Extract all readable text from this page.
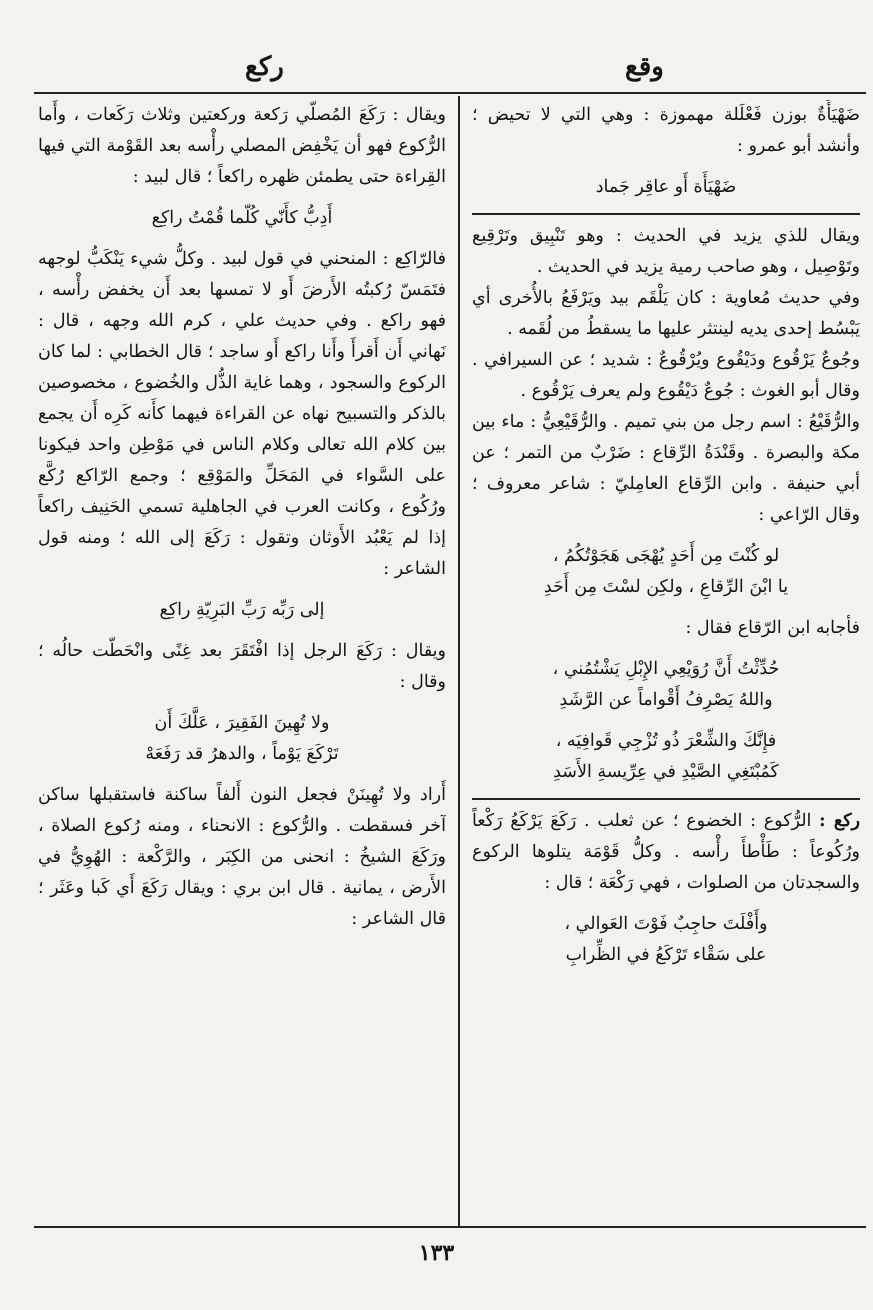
وقع
ركع

ضَهْيَأَةٌ بوزن فَعْلَلة مهموزة : وهي التي لا تحيض ؛ وأنشد أبو عمرو :

ضَهْيَأَة أَو عاقِر جَماد

ويقال للذي يزيد في الحديث : وهو تَنْبِيق وتَرْقِيع وتَوْصِيل ، وهو صاحب رمية يزيد في الحديث .

وفي حديث مُعاوية : كان يَلْقَم بيد ويَرْفَعُ بالأُخرى أي يَبْسُط إحدى يديه لينتثر عليها ما يسقطُ من لُقَمه .

وجُوعٌ يَرْقُوع ودَيْقُوع ويُرْقُوعٌ : شديد ؛ عن السيرافي . وقال أبو الغوث : جُوعٌ دَيْقُوع ولم يعرف يَرْقُوع .

والرُّقَيْعُ : اسم رجل من بني تميم . والرُّقَيْعِيُّ : ماء بين مكة والبصرة . وقَنْدَةُ الرِّقاع : ضَرْبٌ من التمر ؛ عن أبي حنيفة . وابن الرِّقاع العامِليّ : شاعر معروف ؛ وقال الرّاعي :

لو كُنْتَ مِن أَحَدٍ يُهْجَى هَجَوْتُكُمُ ،
يا ابْنَ الرِّقاعِ ، ولكِن لسْتَ مِن أَحَدِ

فأجابه ابن الرّقاع فقال :

حُدِّثْتُ أَنَّ رُوَيْعِي الإِبْلِ يَشْتُمُني ،
واللهُ يَصْرِفُ أَقْواماً عن الرَّشَدِ
فإِنَّكَ والشِّعْرَ ذُو تُزْجِي قَوافِيَه ،
كَمُبْتَغِي الصَّيْدِ في عِرِّيسةِ الأَسَدِ

ركع : الرُّكوع : الخضوع ؛ عن ثعلب . رَكَعَ يَرْكَعُ رَكْعاً ورُكُوعاً : طَأْطأَ رأْسه . وكلُّ قَوْمَة يتلوها الركوع والسجدتان من الصلوات ، فهي رَكْعَة ؛ قال :

وأَفْلَتَ حاجِبٌ فَوْتَ العَوالي ،
على سَقْاء تَرْكَعُ في الظِّرابِ

ويقال : رَكَعَ المُصلّي رَكعة وركعتين وثلاث رَكَعات ، وأَما الرُّكوع فهو أن يَخْفِض المصلي رأْسه بعد القَوْمة التي فيها القِراءة حتى يطمئن ظهره راكعاً ؛ قال لبيد :

أَدِبُّ كأَنّي كُلّما قُمْتُ راكِع

فالرّاكِع : المنحني في قول لبيد . وكلُّ شيء يَنْكَبُّ لوجهه فتَمَسّ رُكبتُه الأَرضَ أَو لا تمسها بعد أَن يخفض رأْسه ، فهو راكع . وفي حديث علي ، كرم الله وجهه ، قال : نَهاني أَن أَقرأَ وأَنا راكع أَو ساجد ؛ قال الخطابي : لما كان الركوع والسجود ، وهما غاية الذُّل والخُضوع ، مخصوصين بالذكر والتسبيح نهاه عن القراءة فيهما كأَنه كَرِه أَن يجمع بين كلام الله تعالى وكلام الناس في مَوْطِن واحد فيكونا على السَّواء في المَحَلِّ والمَوْقِع ؛ وجمع الرّاكع رُكَّع ورُكُوع ، وكانت العرب في الجاهلية تسمي الحَنِيف راكعاً إذا لم يَعْبُد الأَوثان وتقول : رَكَعَ إلى الله ؛ ومنه قول الشاعر :

إلى رَبِّه رَبِّ البَرِيّةِ راكِع

ويقال : رَكَعَ الرجل إذا افْتَقَرَ بعد غِنًى وانْحَطّت حالُه ؛ وقال :

ولا تُهِينَ الفَقِيرَ ، عَلَّكَ أَن
تَرْكَعَ يَوْماً ، والدهرُ قد رَفَعَهْ

أَراد ولا تُهِينَنْ فجعل النون أَلفاً ساكنة فاستقبلها ساكن آخر فسقطت . والرُّكوع : الانحناء ، ومنه رُكوع الصلاة ، ورَكَعَ الشيخُ : انحنى من الكِبَر ، والرَّكْعة : الهُوِيُّ في الأَرض ، يمانية . قال ابن بري : ويقال رَكَعَ أَي كَبا وعَثَر ؛ قال الشاعر :

١٣٣
